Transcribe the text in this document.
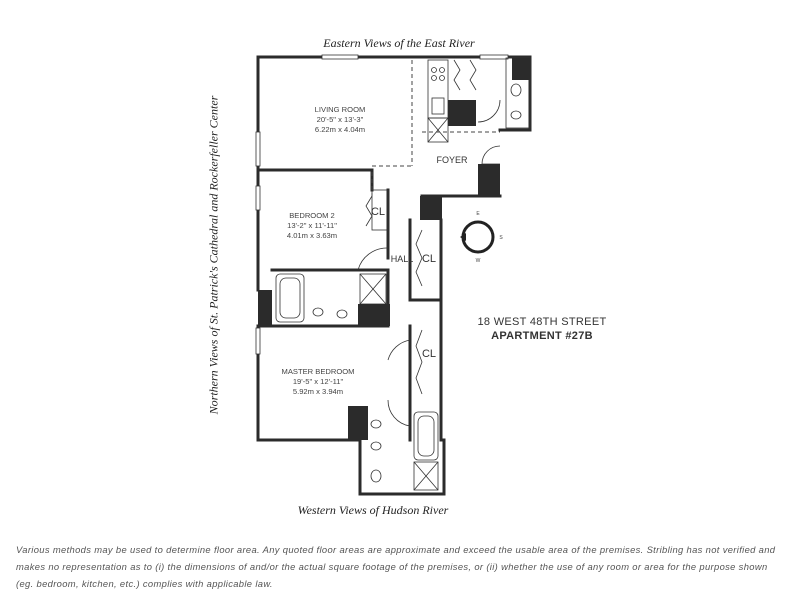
LIVING ROOM
20'-5" x 13'-3"
6.22m x 4.04m
BEDROOM 2
13'-2" x 11'-11"
4.01m x 3.63m
MASTER BEDROOM
19'-5" x 12'-11"
5.92m x 3.94m
FOYER
HALL
CL
CL
CL
E
S
W
Eastern Views of the East River
Western Views of Hudson River
Northern Views of St. Patrick's Cathedral and Rockerfeller Center	18 WEST 48TH STREET
APARTMENT #27B

Various methods may be used to determine floor area. Any quoted floor areas are approximate and exceed the usable area of the premises. Stribling has not verified and makes no representation as to (i) the dimensions of and/or the actual square footage of the premises, or (ii) whether the use of any room or area for the purpose shown (eg. bedroom, kitchen, etc.) complies with applicable law.
